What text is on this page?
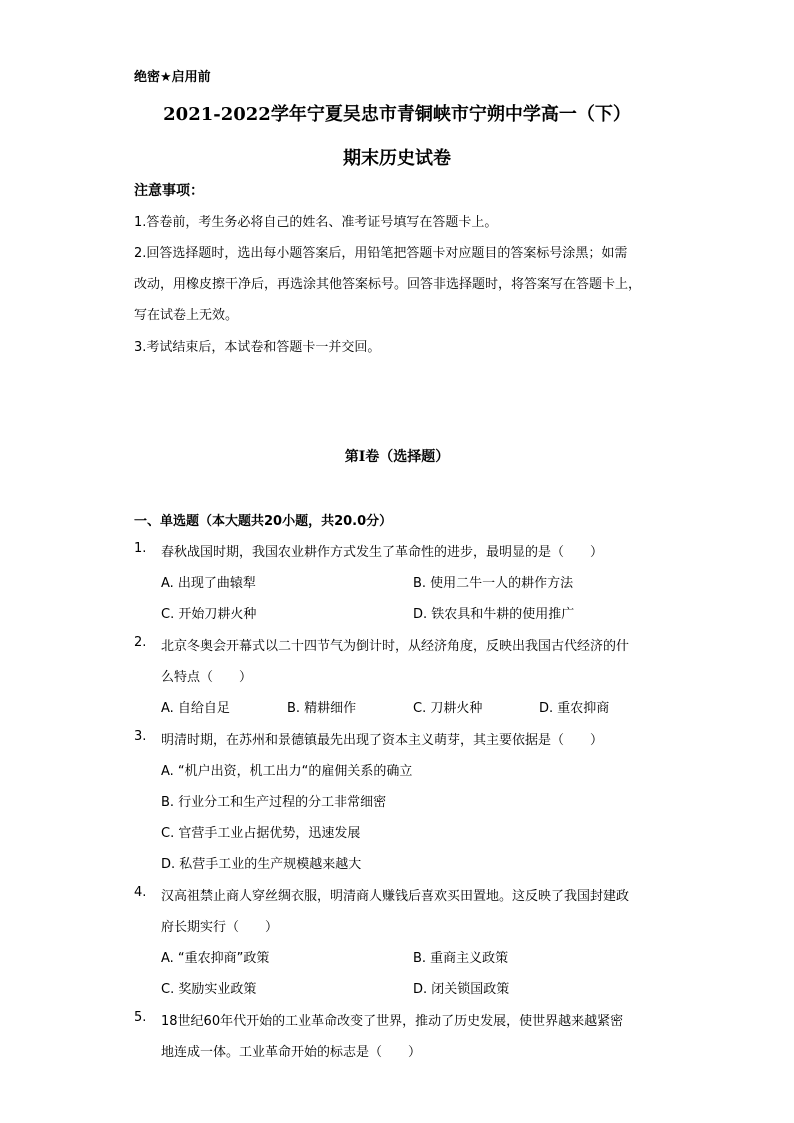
绝密★启用前
2021-2022学年宁夏吴忠市青铜峡市宁朔中学高一（下）
期末历史试卷
注意事项：
1.答卷前，考生务必将自己的姓名、准考证号填写在答题卡上。
2.回答选择题时，选出每小题答案后，用铅笔把答题卡对应题目的答案标号涂黑；如需
改动，用橡皮擦干净后，再选涂其他答案标号。回答非选择题时，将答案写在答题卡上，
写在试卷上无效。
3.考试结束后，本试卷和答题卡一并交回。
第I卷（选择题）
一、单选题（本大题共20小题，共20.0分）
1. 春秋战国时期，我国农业耕作方式发生了革命性的进步，最明显的是（　　）
A. 出现了曲辕犁	B. 使用二牛一人的耕作方法
C. 开始刀耕火种	D. 铁农具和牛耕的使用推广
2. 北京冬奥会开幕式以二十四节气为倒计时，从经济角度，反映出我国古代经济的什
么特点（　　）
A. 自给自足	B. 精耕细作	C. 刀耕火种	D. 重农抑商
3. 明清时期，在苏州和景德镇最先出现了资本主义萌芽，其主要依据是（　　）
A. “机户出资，机工出力“的雇佣关系的确立
B. 行业分工和生产过程的分工非常细密
C. 官营手工业占据优势，迅速发展
D. 私营手工业的生产规模越来越大
4. 汉高祖禁止商人穿丝绸衣服，明清商人赚钱后喜欢买田置地。这反映了我国封建政
府长期实行（　　）
A. “重农抑商”政策	B. 重商主义政策
C. 奖励实业政策	D. 闭关锁国政策
5. 18世纪60年代开始的工业革命改变了世界，推动了历史发展，使世界越来越紧密
地连成一体。工业革命开始的标志是（　　）
